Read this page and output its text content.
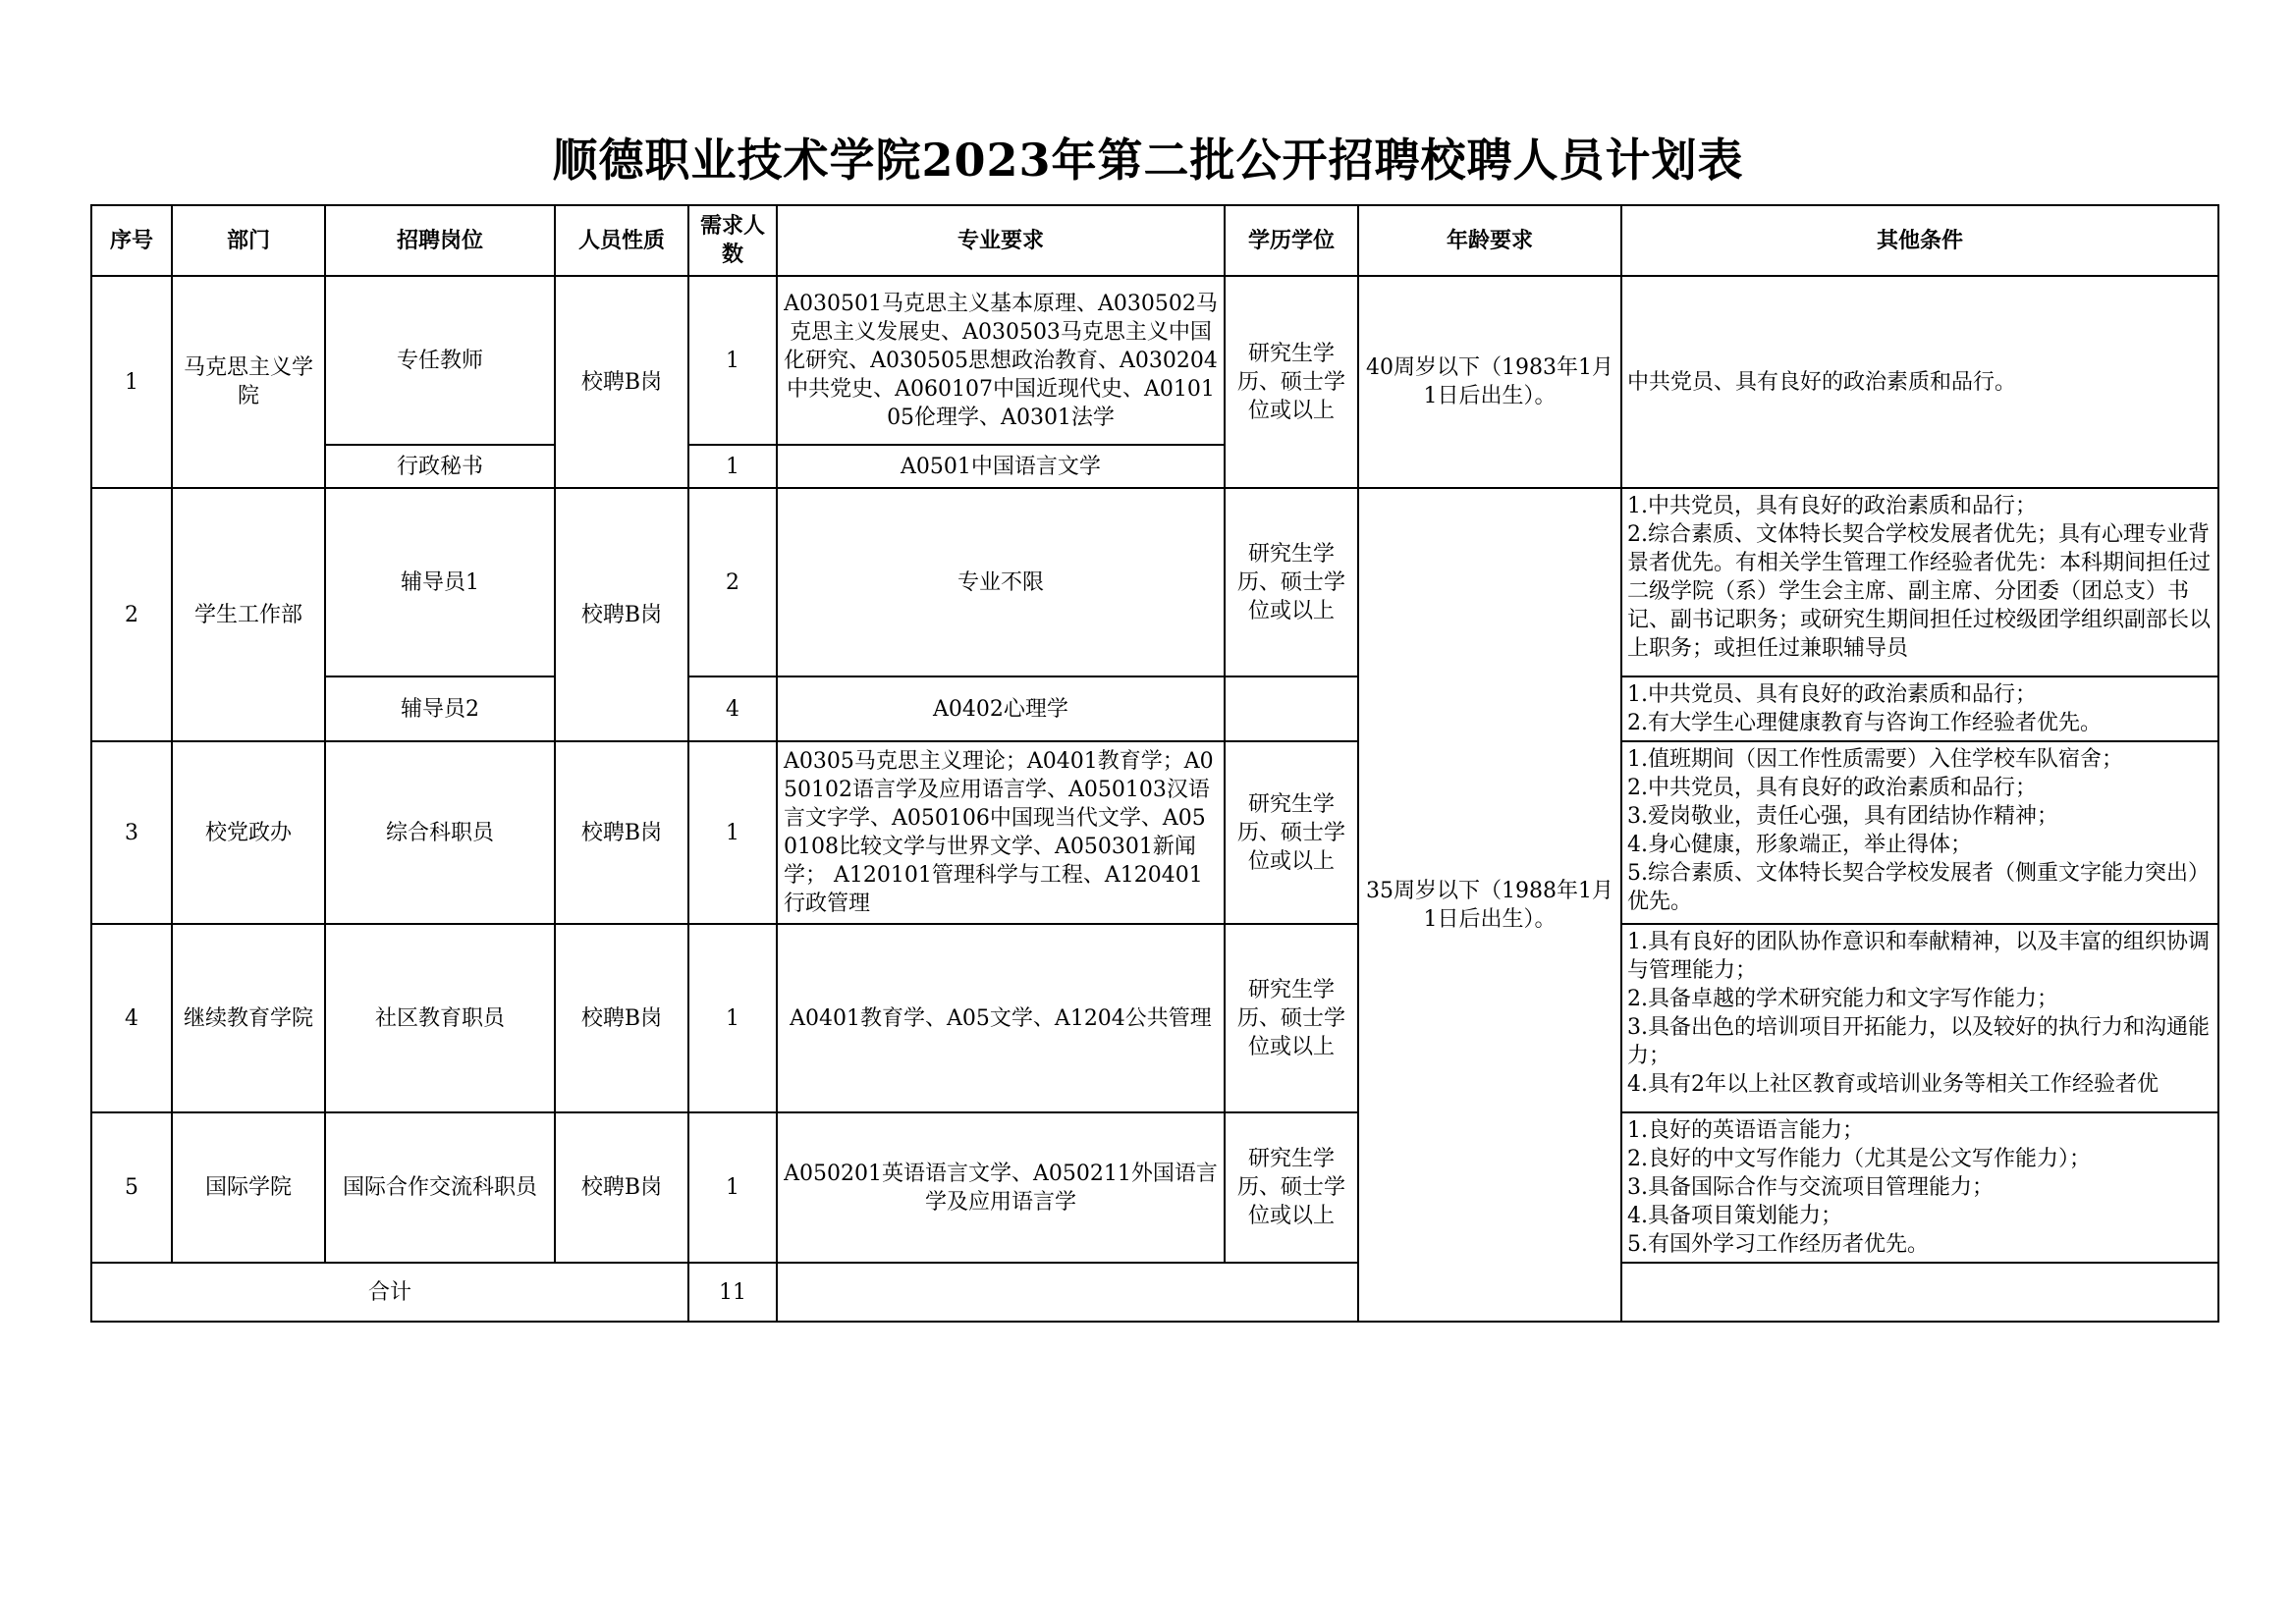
顺德职业技术学院2023年第二批公开招聘校聘人员计划表
序号	部门	招聘岗位	人员性质	需求人数	专业要求	学历学位	年龄要求	其他条件	
1	马克思主义学院	专任教师	校聘B岗	1	A030501马克思主义基本原理、A030502马克思主义发展史、A030503马克思主义中国化研究、A030505思想政治教育、A030204中共党史、A060107中国近现代史、A010105伦理学、A0301法学	研究生学历、硕士学位或以上	40周岁以下（1983年1月1日后出生）。	中共党员、具有良好的政治素质和品行。	
		行政秘书		1	A0501中国语言文学				
2	学生工作部	辅导员1	校聘B岗	2	专业不限	研究生学历、硕士学位或以上	35周岁以下（1988年1月1日后出生）。	1.中共党员，具有良好的政治素质和品行；
2.综合素质、文体特长契合学校发展者优先；具有心理专业背景者优先。有相关学生管理工作经验者优先：本科期间担任过二级学院（系）学生会主席、副主席、分团委（团总支）书记、副书记职务；或研究生期间担任过校级团学组织副部长以上职务；或担任过兼职辅导员	

		辅导员2		4	A0402心理学			1.中共党员、具有良好的政治素质和品行；
2.有大学生心理健康教育与咨询工作经验者优先。	

3	校党政办	综合科职员	校聘B岗	1	A0305马克思主义理论；A0401教育学；A050102语言学及应用语言学、A050103汉语言文字学、A050106中国现当代文学、A050108比较文学与世界文学、A050301新闻学； A120101管理科学与工程、A120401行政管理	研究生学历、硕士学位或以上		1.值班期间（因工作性质需要）入住学校车队宿舍；
2.中共党员，具有良好的政治素质和品行；
3.爱岗敬业，责任心强，具有团结协作精神；
4.身心健康，形象端正，举止得体；
5.综合素质、文体特长契合学校发展者（侧重文字能力突出）优先。	

4	继续教育学院	社区教育职员	校聘B岗	1	A0401教育学、A05文学、A1204公共管理	研究生学历、硕士学位或以上		1.具有良好的团队协作意识和奉献精神，以及丰富的组织协调与管理能力；
2.具备卓越的学术研究能力和文字写作能力；
3.具备出色的培训项目开拓能力，以及较好的执行力和沟通能力；
4.具有2年以上社区教育或培训业务等相关工作经验者优	

5	国际学院	国际合作交流科职员	校聘B岗	1	A050201英语语言文学、A050211外国语言学及应用语言学	研究生学历、硕士学位或以上		1.良好的英语语言能力；
2.良好的中文写作能力（尤其是公文写作能力）；
3.具备国际合作与交流项目管理能力；
4.具备项目策划能力；
5.有国外学习工作经历者优先。	

合计				11					
